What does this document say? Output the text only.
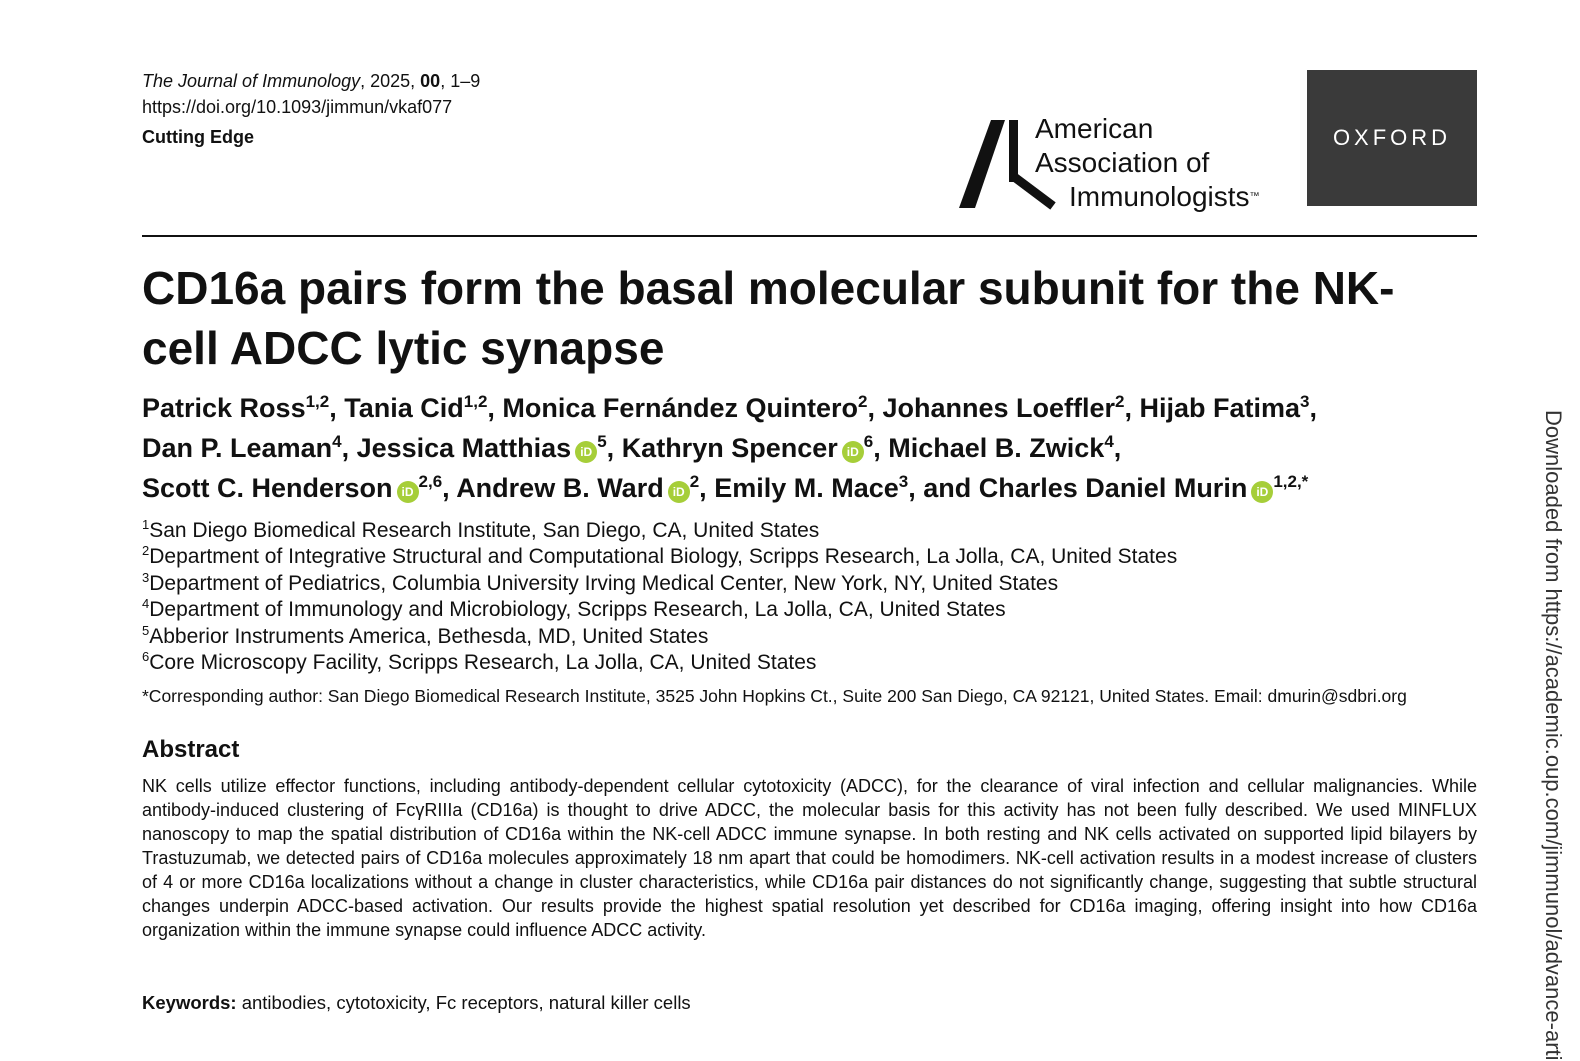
The Journal of Immunology, 2025, 00, 1–9
https://doi.org/10.1093/jimmun/vkaf077
Cutting Edge	American
Association of
Immunologists™
OXFORD
CD16a pairs form the basal molecular subunit for the NK-cell ADCC lytic synapse
Patrick Ross$^{1,2}$, Tania Cid$^{1,2}$, Monica Fernández Quintero$^2$, Johannes Loeffler$^2$, Hijab Fatima$^3$,
Dan P. Leaman$^4$, Jessica Matthias $iD^5$, Kathryn Spencer $iD^6$, Michael B. Zwick$^4$,
Scott C. Henderson iD$^{2,6}$, Andrew B. Ward $iD^2$, Emily M. Mace$^3$, and Charles Daniel Murin $iD^{1,2,*}$
$^1$San Diego Biomedical Research Institute, San Diego, CA, United States
$^2$Department of Integrative Structural and Computational Biology, Scripps Research, La Jolla, CA, United States
$^3$Department of Pediatrics, Columbia University Irving Medical Center, New York, NY, United States
$^4$Department of Immunology and Microbiology, Scripps Research, La Jolla, CA, United States
$^5$Abberior Instruments America, Bethesda, MD, United States
$^6$Core Microscopy Facility, Scripps Research, La Jolla, CA, United States
*Corresponding author: San Diego Biomedical Research Institute, 3525 John Hopkins Ct., Suite 200 San Diego, CA 92121, United States. Email: dmurin@sdbri.org
Abstract

NK cells utilize effector functions, including antibody-dependent cellular cytotoxicity (ADCC), for the clearance of viral infection and cellular malignancies. While antibody-induced clustering of FcγRIIIa (CD16a) is thought to drive ADCC, the molecular basis for this activity has not been fully described. We used MINFLUX nanoscopy to map the spatial distribution of CD16a within the NK-cell ADCC immune synapse. In both resting and NK cells activated on supported lipid bilayers by Trastuzumab, we detected pairs of CD16a molecules approximately 18 nm apart that could be homodimers. NK-cell activation results in a modest increase of clusters of 4 or more CD16a localizations without a change in cluster characteristics, while CD16a pair distances do not significantly change, suggesting that subtle structural changes underpin ADCC-based activation. Our results provide the highest spatial resolution yet described for CD16a imaging, offering insight into how CD16a organization within the immune synapse could influence ADCC activity.

Keywords: antibodies, cytotoxicity, Fc receptors, natural killer cells	Downloaded from https://academic.oup.com/jimmunol/advance-arti
